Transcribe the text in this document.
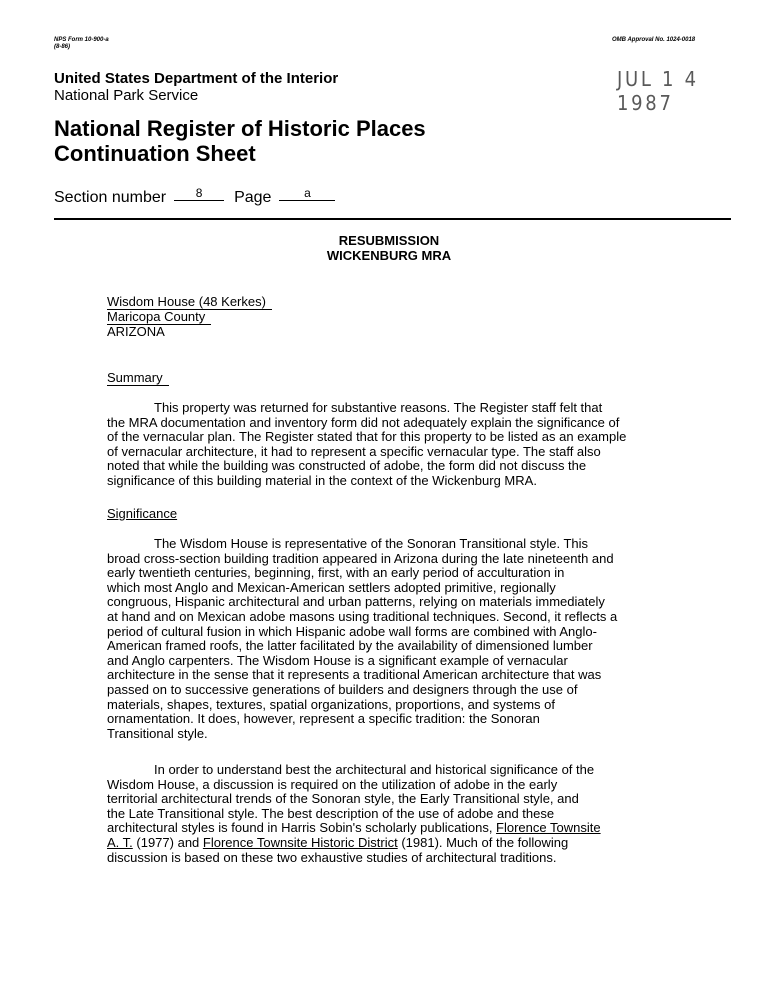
NPS Form 10-900-a
(8-86)
OMB Approval No. 1024-0018
JUL 1 4 1987
United States Department of the Interior
National Park Service
National Register of Historic Places
Continuation Sheet
Section number 8 Page	a
RESUBMISSION
WICKENBURG MRA
Wisdom House (48 Kerkes)
Maricopa County
ARIZONA
Summary
This property was returned for substantive reasons. The Register staff felt that
the MRA documentation and inventory form did not adequately explain the significance of
of the vernacular plan. The Register stated that for this property to be listed as an example
of vernacular architecture, it had to represent a specific vernacular type. The staff also
noted that while the building was constructed of adobe, the form did not discuss the
significance of this building material in the context of the Wickenburg MRA.
Significance
The Wisdom House is representative of the Sonoran Transitional style. This
broad cross-section building tradition appeared in Arizona during the late nineteenth and
early twentieth centuries, beginning, first, with an early period of acculturation in
which most Anglo and Mexican-American settlers adopted primitive, regionally
congruous, Hispanic architectural and urban patterns, relying on materials immediately
at hand and on Mexican adobe masons using traditional techniques. Second, it reflects a
period of cultural fusion in which Hispanic adobe wall forms are combined with Anglo-
American framed roofs, the latter facilitated by the availability of dimensioned lumber
and Anglo carpenters. The Wisdom House is a significant example of vernacular
architecture in the sense that it represents a traditional American architecture that was
passed on to successive generations of builders and designers through the use of
materials, shapes, textures, spatial organizations, proportions, and systems of
ornamentation. It does, however, represent a specific tradition: the Sonoran
Transitional style.
In order to understand best the architectural and historical significance of the
Wisdom House, a discussion is required on the utilization of adobe in the early
territorial architectural trends of the Sonoran style, the Early Transitional style, and
the Late Transitional style. The best description of the use of adobe and these
architectural styles is found in Harris Sobin's scholarly publications, Florence Townsite
A. T. (1977) and Florence Townsite Historic District (1981). Much of the following
discussion is based on these two exhaustive studies of architectural traditions.
